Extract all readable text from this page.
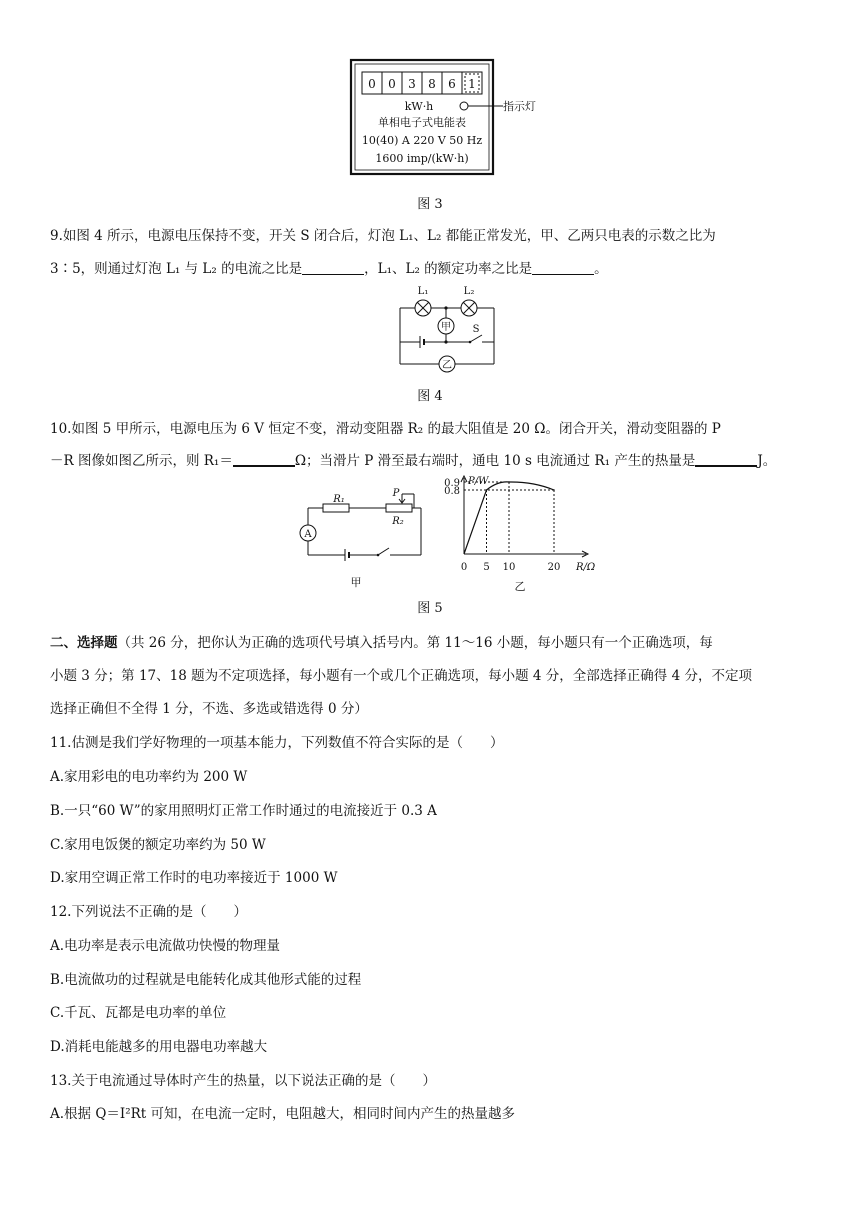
0 0 3 8 6 1
kW·h	指示灯
单相电子式电能表
10(40) A 220 V 50 Hz
1600 imp/(kW·h)
图 3
9.如图 4 所示，电源电压保持不变，开关 S 闭合后，灯泡 L₁、L₂ 都能正常发光，甲、乙两只电表的示数之比为
3∶5，则通过灯泡 L₁ 与 L₂ 的电流之比是	，L₁、L₂ 的额定功率之比是	。
L₁	L₂
甲 S
乙
图 4
10.如图 5 甲所示，电源电压为 6 V 恒定不变，滑动变阻器 R₂ 的最大阻值是 20 Ω。闭合开关，滑动变阻器的 P
－R 图像如图乙所示，则 R₁＝	Ω；当滑片 P 滑至最右端时，通电 10 s 电流通过 R₁ 产生的热量是	J。
R₁
P
R₂
A
甲
P/W
R/Ω
0 5 10	20
0.8
0.9
乙
图 5
二、选择题（共 26 分，把你认为正确的选项代号填入括号内。第 11～16 小题，每小题只有一个正确选项，每
小题 3 分；第 17、18 题为不定项选择，每小题有一个或几个正确选项，每小题 4 分，全部选择正确得 4 分，不定项
选择正确但不全得 1 分，不选、多选或错选得 0 分）
11.估测是我们学好物理的一项基本能力，下列数值不符合实际的是（　　）
A.家用彩电的电功率约为 200 W
B.一只“60 W”的家用照明灯正常工作时通过的电流接近于 0.3 A
C.家用电饭煲的额定功率约为 50 W
D.家用空调正常工作时的电功率接近于 1000 W
12.下列说法不正确的是（　　）
A.电功率是表示电流做功快慢的物理量
B.电流做功的过程就是电能转化成其他形式能的过程
C.千瓦、瓦都是电功率的单位
D.消耗电能越多的用电器电功率越大
13.关于电流通过导体时产生的热量，以下说法正确的是（　　）
A.根据 Q＝I²Rt 可知，在电流一定时，电阻越大，相同时间内产生的热量越多
